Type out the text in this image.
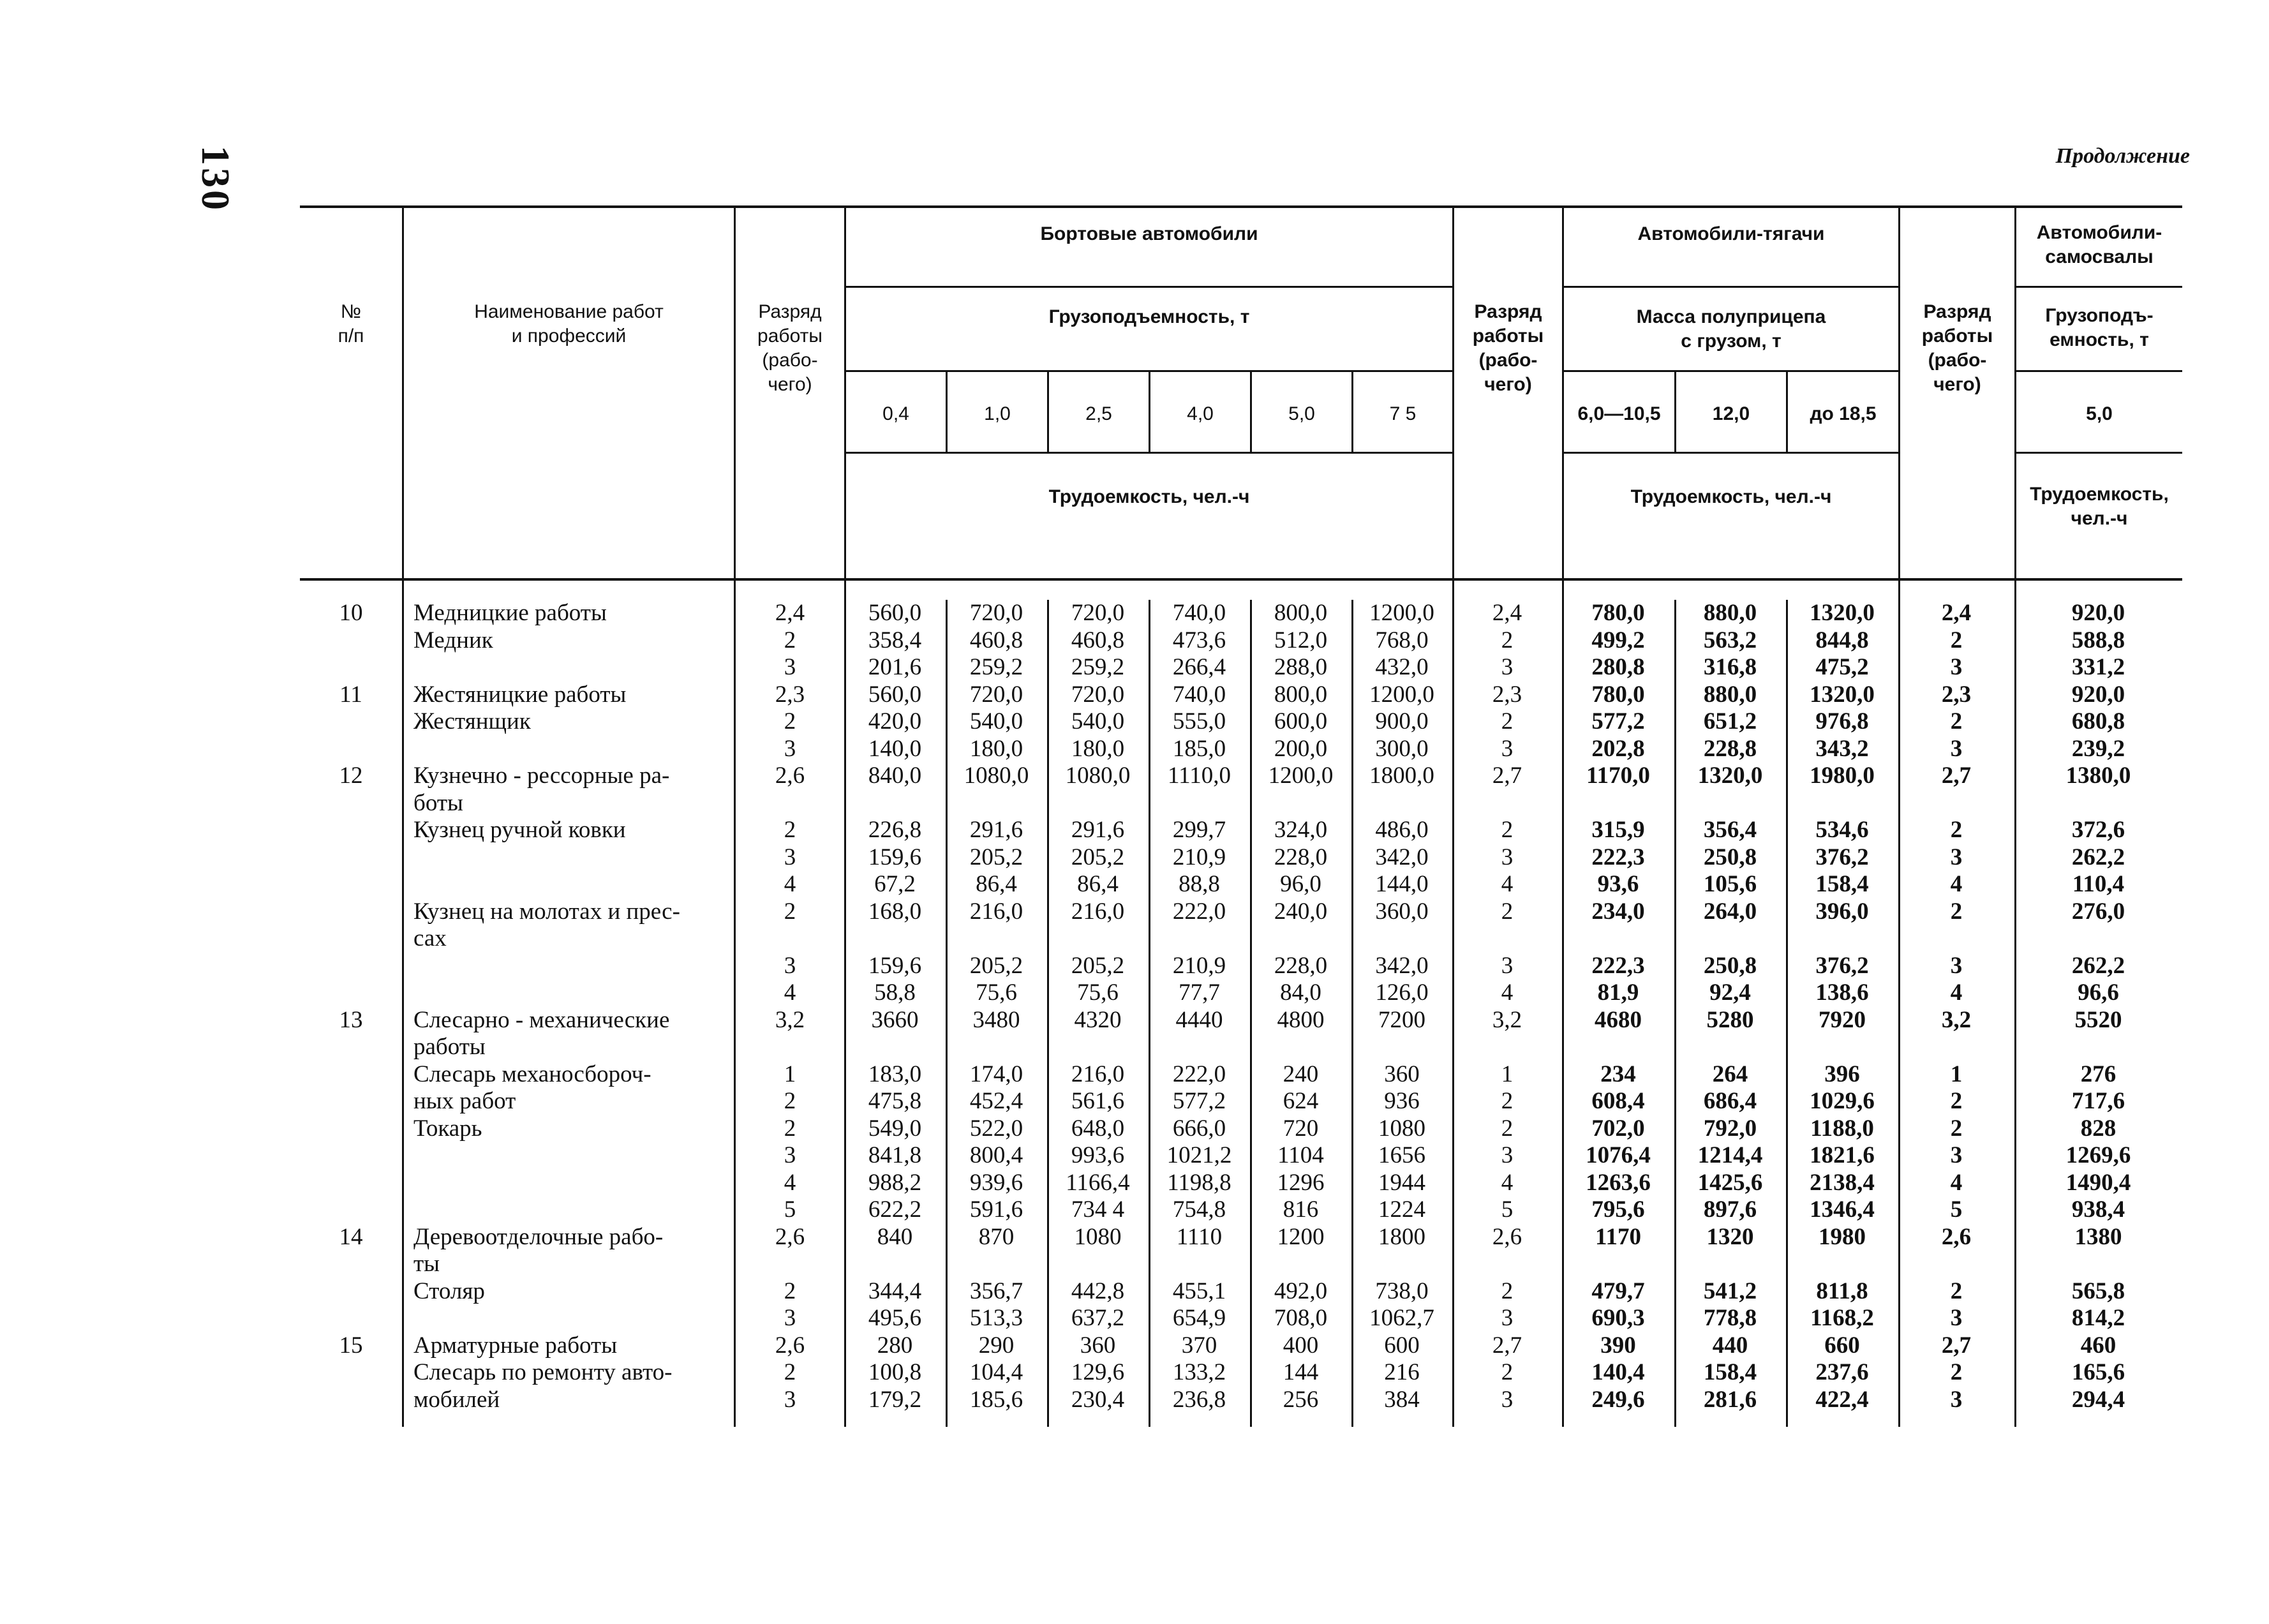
130	Продолжение
№
п/п
Наименование работ
и профессий
Разряд
работы
(рабо-
чего)
Бортовые автомобили
Грузоподъемность, т
0,4	1,0	2,5	4,0	5,0	7 5
Трудоемкость, чел.-ч
Разряд
работы
(рабо-
чего)
Автомобили-тягачи
Масса полуприцепа
с грузом, т
6,0—10,5	12,0	до 18,5
Трудоемкость, чел.-ч
Разряд
работы
(рабо-
чего)
Автомобили-
самосвалы
Грузоподъ-
емность, т
5,0
Трудоемкость,
чел.-ч
10	Медницкие работы	2,4	560,0	720,0	720,0	740,0	800,0	1200,0	2,4	780,0	880,0	1320,0	2,4	920,0
	Медник	2	358,4	460,8	460,8	473,6	512,0	768,0	2	499,2	563,2	844,8	2	588,8
		3	201,6	259,2	259,2	266,4	288,0	432,0	3	280,8	316,8	475,2	3	331,2
11	Жестяницкие работы	2,3	560,0	720,0	720,0	740,0	800,0	1200,0	2,3	780,0	880,0	1320,0	2,3	920,0
	Жестянщик	2	420,0	540,0	540,0	555,0	600,0	900,0	2	577,2	651,2	976,8	2	680,8
		3	140,0	180,0	180,0	185,0	200,0	300,0	3	202,8	228,8	343,2	3	239,2
12	Кузнечно - рессорные ра-	2,6	840,0	1080,0	1080,0	1110,0	1200,0	1800,0	2,7	1170,0	1320,0	1980,0	2,7	1380,0
	боты													
	Кузнец ручной ковки	2	226,8	291,6	291,6	299,7	324,0	486,0	2	315,9	356,4	534,6	2	372,6
		3	159,6	205,2	205,2	210,9	228,0	342,0	3	222,3	250,8	376,2	3	262,2
		4	67,2	86,4	86,4	88,8	96,0	144,0	4	93,6	105,6	158,4	4	110,4
	Кузнец на молотах и прес-	2	168,0	216,0	216,0	222,0	240,0	360,0	2	234,0	264,0	396,0	2	276,0
	сах													
		3	159,6	205,2	205,2	210,9	228,0	342,0	3	222,3	250,8	376,2	3	262,2
		4	58,8	75,6	75,6	77,7	84,0	126,0	4	81,9	92,4	138,6	4	96,6
13	Слесарно - механические	3,2	3660	3480	4320	4440	4800	7200	3,2	4680	5280	7920	3,2	5520
	работы													
	Слесарь механосбороч-	1	183,0	174,0	216,0	222,0	240	360	1	234	264	396	1	276
	ных работ	2	475,8	452,4	561,6	577,2	624	936	2	608,4	686,4	1029,6	2	717,6
	Токарь	2	549,0	522,0	648,0	666,0	720	1080	2	702,0	792,0	1188,0	2	828
		3	841,8	800,4	993,6	1021,2	1104	1656	3	1076,4	1214,4	1821,6	3	1269,6
		4	988,2	939,6	1166,4	1198,8	1296	1944	4	1263,6	1425,6	2138,4	4	1490,4
		5	622,2	591,6	734 4	754,8	816	1224	5	795,6	897,6	1346,4	5	938,4
14	Деревоотделочные рабо-	2,6	840	870	1080	1110	1200	1800	2,6	1170	1320	1980	2,6	1380
	ты													
	Столяр	2	344,4	356,7	442,8	455,1	492,0	738,0	2	479,7	541,2	811,8	2	565,8
		3	495,6	513,3	637,2	654,9	708,0	1062,7	3	690,3	778,8	1168,2	3	814,2
15	Арматурные работы	2,6	280	290	360	370	400	600	2,7	390	440	660	2,7	460
	Слесарь по ремонту авто-	2	100,8	104,4	129,6	133,2	144	216	2	140,4	158,4	237,6	2	165,6
	мобилей	3	179,2	185,6	230,4	236,8	256	384	3	249,6	281,6	422,4	3	294,4
